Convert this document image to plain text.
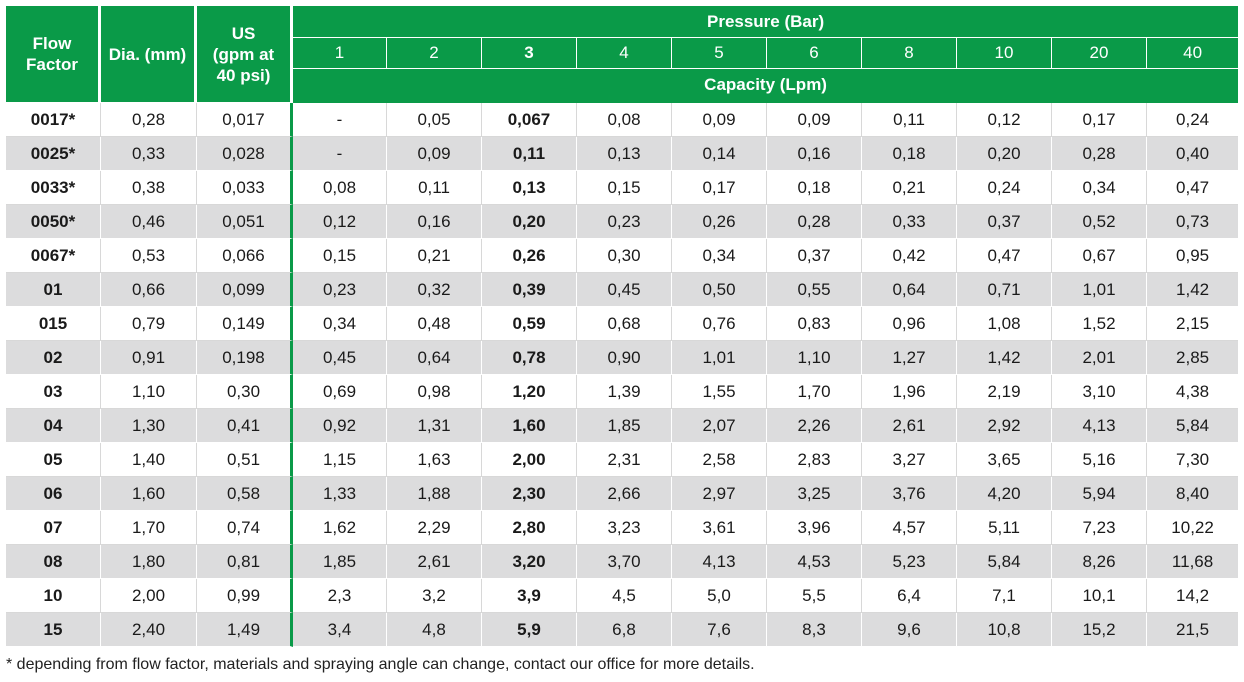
Flow Factor	Dia. (mm)	US (gpm at 40 psi)	Pressure (Bar)									
			1	2	3	4	5	6	8	10	20	40
			Capacity (Lpm)									
0017*	0,28	0,017	-	0,05	0,067	0,08	0,09	0,09	0,11	0,12	0,17	0,24
0025*	0,33	0,028	-	0,09	0,11	0,13	0,14	0,16	0,18	0,20	0,28	0,40
0033*	0,38	0,033	0,08	0,11	0,13	0,15	0,17	0,18	0,21	0,24	0,34	0,47
0050*	0,46	0,051	0,12	0,16	0,20	0,23	0,26	0,28	0,33	0,37	0,52	0,73
0067*	0,53	0,066	0,15	0,21	0,26	0,30	0,34	0,37	0,42	0,47	0,67	0,95
01	0,66	0,099	0,23	0,32	0,39	0,45	0,50	0,55	0,64	0,71	1,01	1,42
015	0,79	0,149	0,34	0,48	0,59	0,68	0,76	0,83	0,96	1,08	1,52	2,15
02	0,91	0,198	0,45	0,64	0,78	0,90	1,01	1,10	1,27	1,42	2,01	2,85
03	1,10	0,30	0,69	0,98	1,20	1,39	1,55	1,70	1,96	2,19	3,10	4,38
04	1,30	0,41	0,92	1,31	1,60	1,85	2,07	2,26	2,61	2,92	4,13	5,84
05	1,40	0,51	1,15	1,63	2,00	2,31	2,58	2,83	3,27	3,65	5,16	7,30
06	1,60	0,58	1,33	1,88	2,30	2,66	2,97	3,25	3,76	4,20	5,94	8,40
07	1,70	0,74	1,62	2,29	2,80	3,23	3,61	3,96	4,57	5,11	7,23	10,22
08	1,80	0,81	1,85	2,61	3,20	3,70	4,13	4,53	5,23	5,84	8,26	11,68
10	2,00	0,99	2,3	3,2	3,9	4,5	5,0	5,5	6,4	7,1	10,1	14,2
15	2,40	1,49	3,4	4,8	5,9	6,8	7,6	8,3	9,6	10,8	15,2	21,5
* depending from flow factor, materials and spraying angle can change, contact our office for more details.
